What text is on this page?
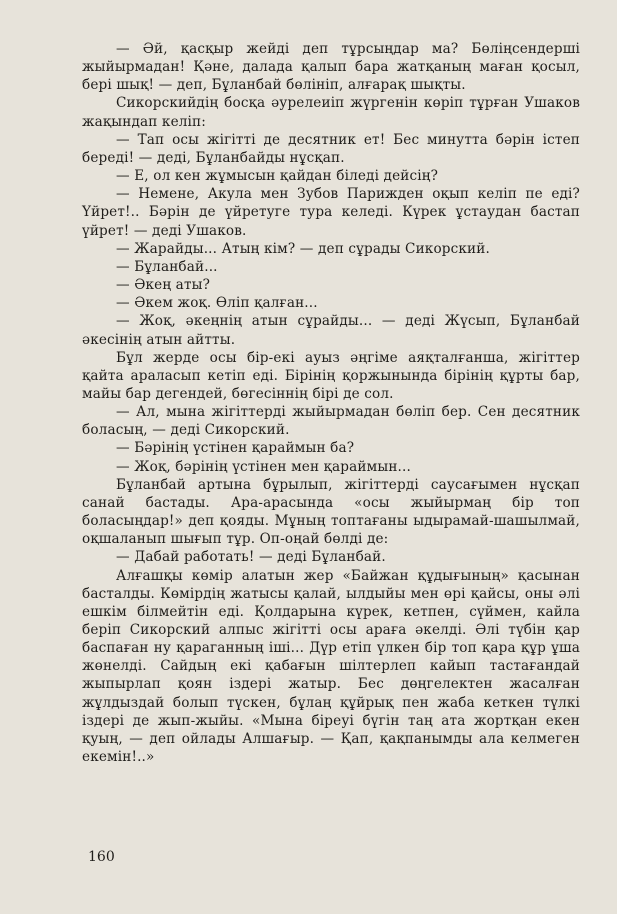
— Әй, қасқыр жейді деп тұрсыңдар ма? Бөліңсендерші жыйырмадан! Қәне, далада қалып бара жатқаның маған қосыл, бері шық! — деп, Бұланбай бөлініп, алғарақ шықты.

Сикорскийдің босқа әурелеиіп жүргенін көріп тұрған Ушаков жақындап келіп:

— Тап осы жігітті де десятник ет! Бес минутта бәрін істеп береді! — деді, Бұланбайды нұсқап.

— Е, ол кен жұмысын қайдан біледі дейсің?

— Немене, Акула мен Зубов Парижден оқып келіп пе еді? Үйрет!.. Бәрін де үйретуге тура келеді. Күрек ұстаудан бастап үйрет! — деді Ушаков.

— Жарайды... Атың кім? — деп сұрады Сикорский.

— Бұланбай...

— Әкең аты?

— Әкем жоқ. Өліп қалған...

— Жоқ, әкеңнің атын сұрайды... — деді Жүсып, Бұланбай әкесінің атын айтты.

Бұл жерде осы бір-екі ауыз әңгіме аяқталғанша, жігіттер қайта араласып кетіп еді. Бірінің қоржынында бірінің құрты бар, майы бар дегендей, бөгесіннің бірі де сол.

— Ал, мына жігіттерді жыйырмадан бөліп бер. Сен десятник боласың, — деді Сикорский.

— Бәрінің үстінен қараймын ба?

— Жоқ, бәрінің үстінен мен қараймын...

Бұланбай артына бұрылып, жігіттерді саусағымен нұсқап санай бастады. Ара-арасында «осы жыйырмаң бір топ боласыңдар!» деп қояды. Мұның топтағаны ыдырамай-шашылмай, оқшаланып шығып тұр. Оп-оңай бөлді де:

— Дабай работать! — деді Бұланбай.

Алғашқы көмір алатын жер «Байжан құдығының» қасынан басталды. Көмірдің жатысы қалай, ылдыйы мен өрі қайсы, оны әлі ешкім білмейтін еді. Қолдарына күрек, кетпен, сүймен, кайла беріп Сикорский алпыс жігітті осы арағa әкелді. Әлі түбін қар баспаған ну қараганның ішi... Дүр етіп үлкен бір топ қара құр ұша жөнелді. Сайдың екі қабағын шілтерлеп кайып тастағандай жыпырлап қоян іздері жатыр. Бес дөңгелектен жасалған жұлдыздай болып түскен, бұлаң құйрық пен жаба кеткен түлкі іздері де жып-жыйы. «Мына біреуі бүгін таң ата жортқан екен қуың, — деп ойлады Алшағыр. — Қап, қақпанымды ала келмеген екемін!..»

160
